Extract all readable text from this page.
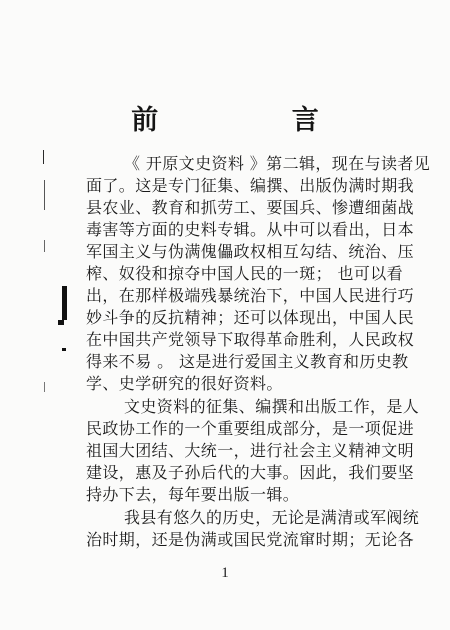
前 言
《 开原文史资料 》第二辑，现在与读者见
面了。这是专门征集、编撰、出版伪满时期我
县农业、教育和抓劳工、要国兵、惨遭细菌战
毒害等方面的史料专辑。从中可以看出，日本
军国主义与伪满傀儡政权相互勾结、统治、压
榨、奴役和掠夺中国人民的一斑； 也可以看
出，在那样极端残暴统治下，中国人民进行巧
妙斗争的反抗精神；还可以体现出，中国人民
在中国共产党领导下取得革命胜利，人民政权
得来不易 。 这是进行爱国主义教育和历史教
学、史学研究的很好资料。
文史资料的征集、编撰和出版工作，是人
民政协工作的一个重要组成部分，是一项促进
祖国大团结、大统一，进行社会主义精神文明
建设，惠及子孙后代的大事。因此，我们要坚
持办下去，每年要出版一辑。
我县有悠久的历史，无论是满清或军阀统
治时期，还是伪满或国民党流窜时期；无论各
1
